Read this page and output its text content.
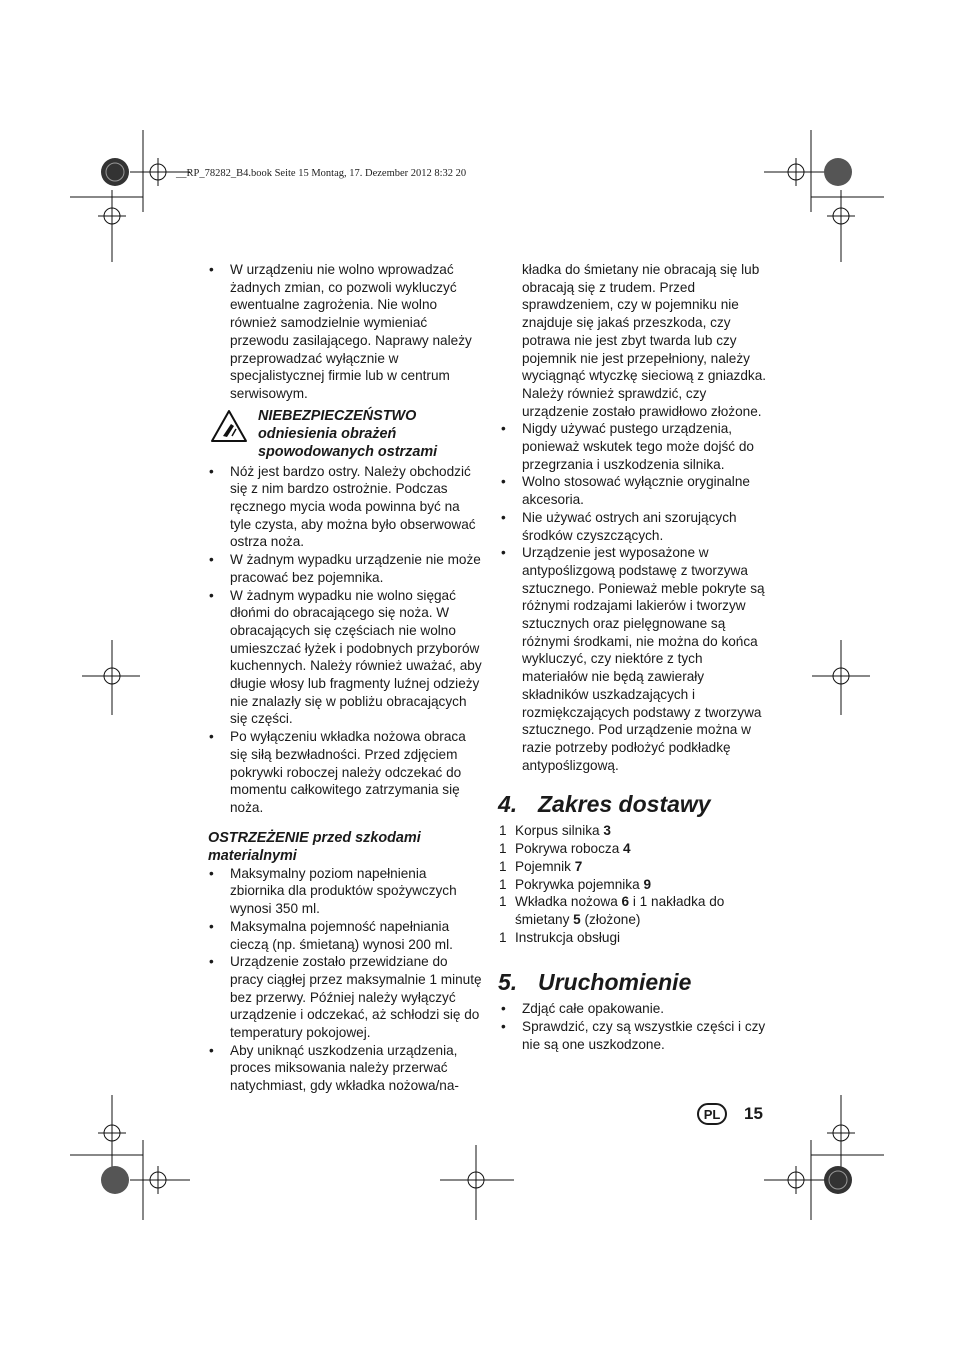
__RP_78282_B4.book Seite 15 Montag, 17. Dezember 2012 8:32 20
• W urządzeniu nie wolno wprowadzać żadnych zmian, co pozwoli wykluczyć ewentualne zagrożenia. Nie wolno również samodzielnie wymieniać przewodu zasilającego. Naprawy należy przeprowadzać wyłącznie w specjalistycznej firmie lub w centrum serwisowym.
NIEBEZPIECZEŃSTWO odniesienia obrażeń spowodowanych ostrzami
• Nóż jest bardzo ostry. Należy obchodzić się z nim bardzo ostrożnie. Podczas ręcznego mycia woda powinna być na tyle czysta, aby można było obserwować ostrza noża.
• W żadnym wypadku urządzenie nie może pracować bez pojemnika.
• W żadnym wypadku nie wolno sięgać dłońmi do obracającego się noża. W obracających się częściach nie wolno umieszczać łyżek i podobnych przyborów kuchennych. Należy również uważać, aby długie włosy lub fragmenty luźnej odzieży nie znalazły się w pobliżu obracających się części.
• Po wyłączeniu wkładka nożowa obraca się siłą bezwładności. Przed zdjęciem pokrywki roboczej należy odczekać do momentu całkowitego zatrzymania się noża.
OSTRZEŻENIE przed szkodami materialnymi
• Maksymalny poziom napełnienia zbiornika dla produktów spożywczych wynosi 350 ml.
• Maksymalna pojemność napełniania cieczą (np. śmietaną) wynosi 200 ml.
• Urządzenie zostało przewidziane do pracy ciągłej przez maksymalnie 1 minutę bez przerwy. Później należy wyłączyć urządzenie i odczekać, aż schłodzi się do temperatury pokojowej.
• Aby uniknąć uszkodzenia urządzenia, proces miksowania należy przerwać natychmiast, gdy wkładka nożowa/na-
kładka do śmietany nie obracają się lub obracają się z trudem. Przed sprawdzeniem, czy w pojemniku nie znajduje się jakaś przeszkoda, czy potrawa nie jest zbyt twarda lub czy pojemnik nie jest przepełniony, należy wyciągnąć wtyczkę sieciową z gniazdka. Należy również sprawdzić, czy urządzenie zostało prawidłowo złożone.
• Nigdy używać pustego urządzenia, ponieważ wskutek tego może dojść do przegrzania i uszkodzenia silnika.
• Wolno stosować wyłącznie oryginalne akcesoria.
• Nie używać ostrych ani szorujących środków czyszczących.
• Urządzenie jest wyposażone w antypoślizgową podstawę z tworzywa sztucznego. Ponieważ meble pokryte są różnymi rodzajami lakierów i tworzyw sztucznych oraz pielęgnowane są różnymi środkami, nie można do końca wykluczyć, czy niektóre z tych materiałów nie będą zawierały składników uszkadzających i rozmiękczających podstawy z tworzywa sztucznego. Pod urządzenie można w razie potrzeby podłożyć podkładkę antypoślizgową.
4. Zakres dostawy
1 Korpus silnika 3
1 Pokrywa robocza 4
1 Pojemnik 7
1 Pokrywka pojemnika 9
1 Wkładka nożowa 6 i 1 nakładka do śmietany 5 (złożone)
1 Instrukcja obsługi
5. Uruchomienie
• Zdjąć całe opakowanie.
• Sprawdzić, czy są wszystkie części i czy nie są one uszkodzone.
PL	15
